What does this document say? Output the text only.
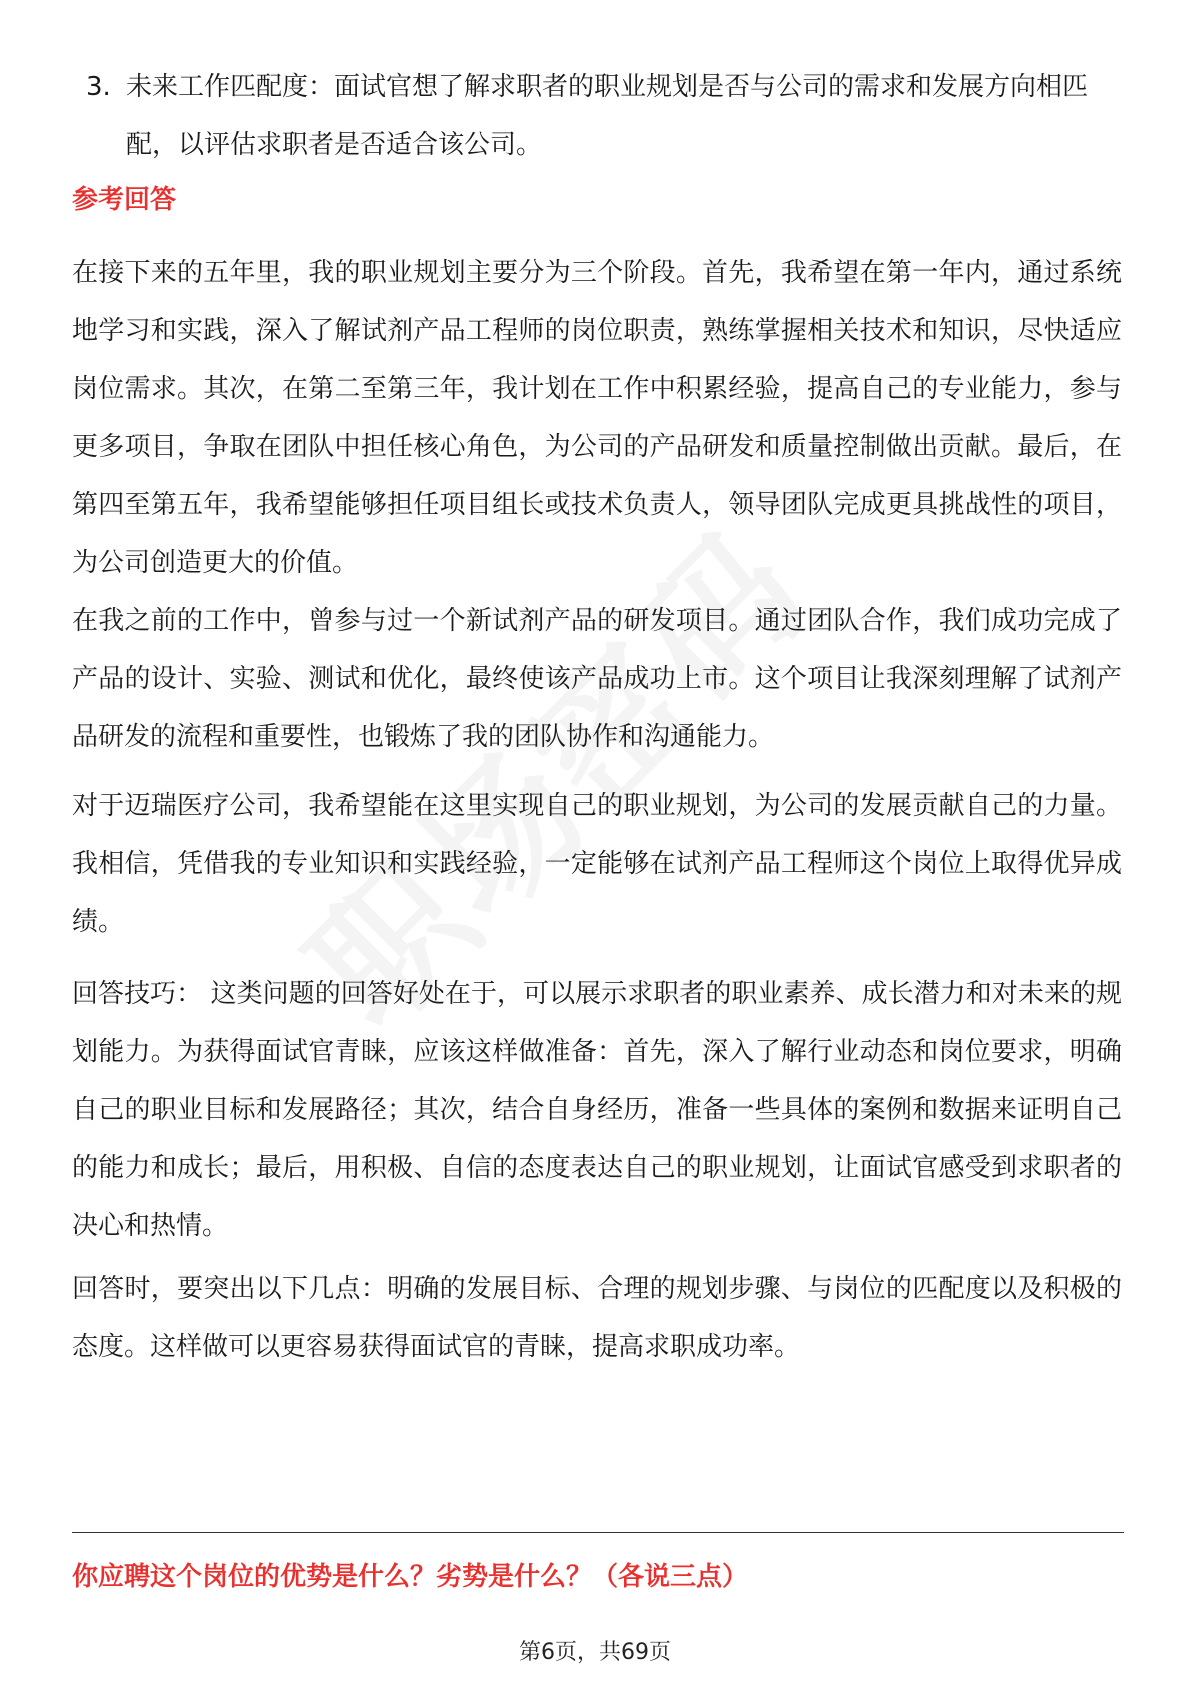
3. 未来工作匹配度：面试官想了解求职者的职业规划是否与公司的需求和发展方向相匹配，以评估求职者是否适合该公司。
参考回答
在接下来的五年里，我的职业规划主要分为三个阶段。首先，我希望在第一年内，通过系统地学习和实践，深入了解试剂产品工程师的岗位职责，熟练掌握相关技术和知识，尽快适应岗位需求。其次，在第二至第三年，我计划在工作中积累经验，提高自己的专业能力，参与更多项目，争取在团队中担任核心角色，为公司的产品研发和质量控制做出贡献。最后，在第四至第五年，我希望能够担任项目组长或技术负责人，领导团队完成更具挑战性的项目，为公司创造更大的价值。
在我之前的工作中，曾参与过一个新试剂产品的研发项目。通过团队合作，我们成功完成了产品的设计、实验、测试和优化，最终使该产品成功上市。这个项目让我深刻理解了试剂产品研发的流程和重要性，也锻炼了我的团队协作和沟通能力。
对于迈瑞医疗公司，我希望能在这里实现自己的职业规划，为公司的发展贡献自己的力量。我相信，凭借我的专业知识和实践经验，一定能够在试剂产品工程师这个岗位上取得优异成绩。
回答技巧： 这类问题的回答好处在于，可以展示求职者的职业素养、成长潜力和对未来的规划能力。为获得面试官青睐，应该这样做准备：首先，深入了解行业动态和岗位要求，明确自己的职业目标和发展路径；其次，结合自身经历，准备一些具体的案例和数据来证明自己的能力和成长；最后，用积极、自信的态度表达自己的职业规划，让面试官感受到求职者的决心和热情。
回答时，要突出以下几点：明确的发展目标、合理的规划步骤、与岗位的匹配度以及积极的态度。这样做可以更容易获得面试官的青睐，提高求职成功率。
你应聘这个岗位的优势是什么？劣势是什么？（各说三点）
第6页，共69页
